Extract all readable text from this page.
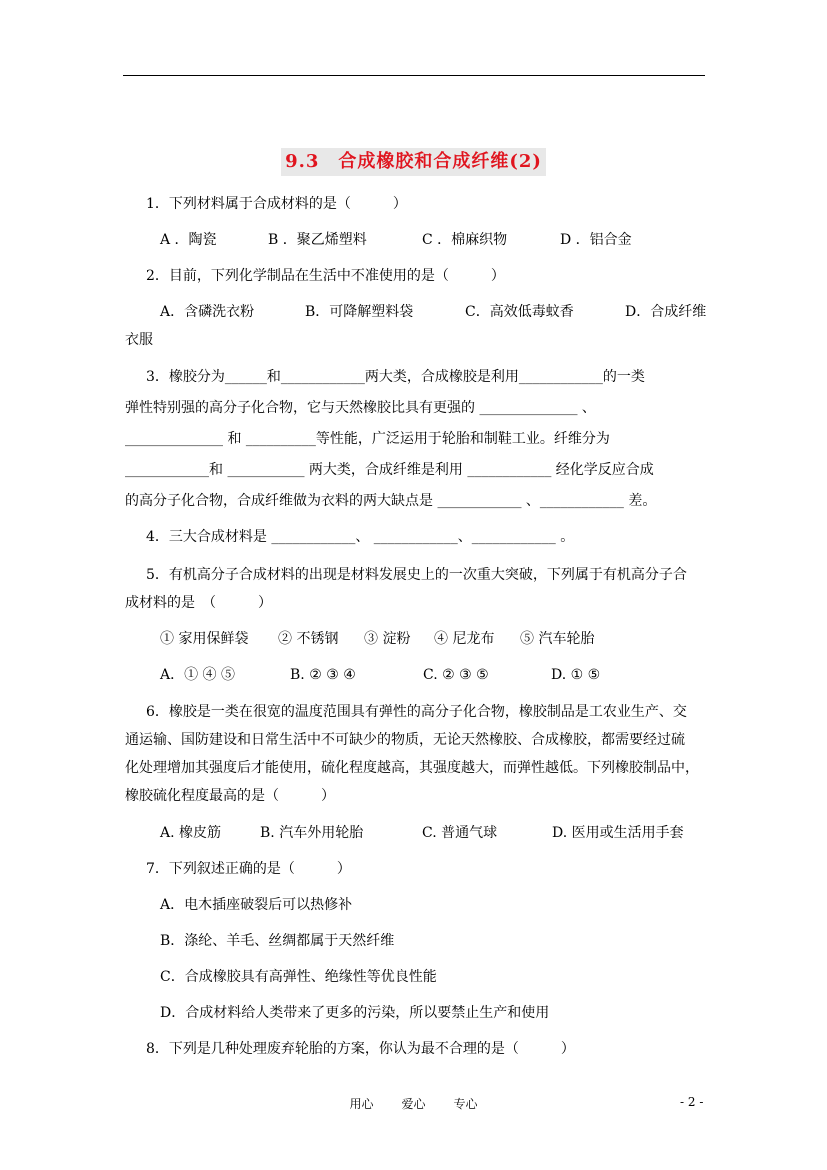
9.3　合成橡胶和合成纤维(2)
1．下列材料属于合成材料的是（　　　）
A ．陶瓷	B ．聚乙烯塑料	C ．棉麻织物	D ．铝合金
2．目前，下列化学制品在生活中不准使用的是（　　　）
A．含磷洗衣粉	B．可降解塑料袋	C．高效低毒蚊香	D．合成纤维
衣服
3．橡胶分为______和____________两大类，合成橡胶是利用____________的一类
弹性特别强的高分子化合物，它与天然橡胶比具有更强的 ______________ 、
______________ 和 __________等性能，广泛运用于轮胎和制鞋工业。纤维分为
____________和 ___________ 两大类，合成纤维是利用 ____________ 经化学反应合成
的高分子化合物，合成纤维做为衣料的两大缺点是 ____________ 、____________ 差。
4．三大合成材料是 ____________、 ____________、____________ 。
5．有机高分子合成材料的出现是材料发展史上的一次重大突破，下列属于有机高分子合
成材料的是　（　　　）
① 家用保鲜袋 ② 不锈钢 ③ 淀粉 ④ 尼龙布 ⑤ 汽车轮胎
A．① ④ ⑤	B. ② ③ ④	C. ② ③ ⑤	D. ① ⑤
6．橡胶是一类在很宽的温度范围具有弹性的高分子化合物，橡胶制品是工农业生产、交
通运输、国防建设和日常生活中不可缺少的物质，无论天然橡胶、合成橡胶，都需要经过硫
化处理增加其强度后才能使用，硫化程度越高，其强度越大，而弹性越低。下列橡胶制品中，
橡胶硫化程度最高的是（　　　）
A. 橡皮筋	B. 汽车外用轮胎	C. 普通气球	D. 医用或生活用手套
7．下列叙述正确的是（　　　）
A．电木插座破裂后可以热修补
B．涤纶、羊毛、丝绸都属于天然纤维
C．合成橡胶具有高弹性、绝缘性等优良性能
D．合成材料给人类带来了更多的污染，所以要禁止生产和使用
8．下列是几种处理废弃轮胎的方案，你认为最不合理的是（　　　）
用心 爱心 专心	- 2 -
